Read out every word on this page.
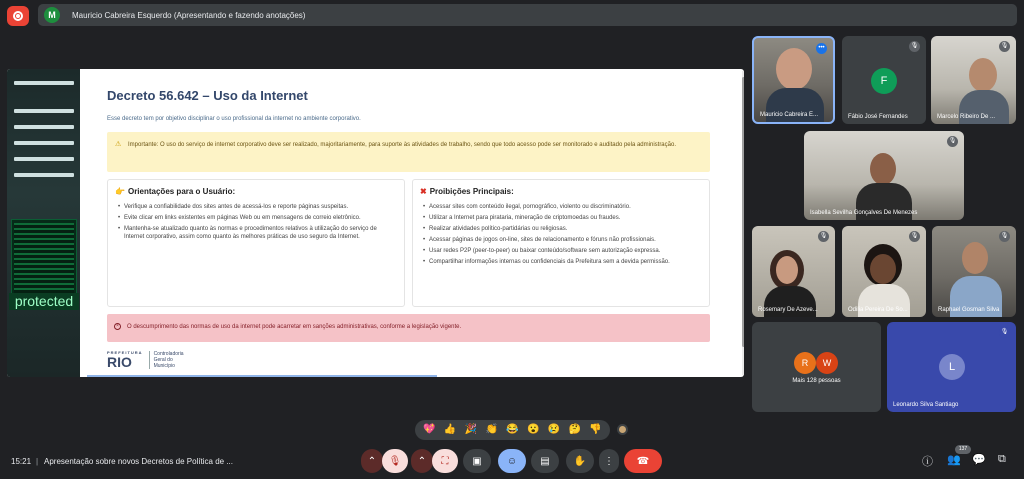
M	Mauricio Cabreira Esquerdo (Apresentando e fazendo anotações)
protected
Decreto 56.642 – Uso da Internet
Esse decreto tem por objetivo disciplinar o uso profissional da internet no ambiente corporativo.
⚠ Importante: O uso do serviço de internet corporativo deve ser realizado, majoritariamente, para suporte às atividades de trabalho, sendo que todo acesso pode ser monitorado e auditado pela administração.
👉 Orientações para o Usuário:
• Verifique a confiabilidade dos sites antes de acessá-los e reporte páginas suspeitas.
• Evite clicar em links existentes em páginas Web ou em mensagens de correio eletrônico.
• Mantenha-se atualizado quanto às normas e procedimentos relativos à utilização do serviço de Internet corporativo, assim como quanto às melhores práticas de uso seguro da Internet.
✖ Proibições Principais:
• Acessar sites com conteúdo ilegal, pornográfico, violento ou discriminatório.
• Utilizar a Internet para pirataria, mineração de criptomoedas ou fraudes.
• Realizar atividades político-partidárias ou religiosas.
• Acessar páginas de jogos on-line, sites de relacionamento e fóruns não profissionais.
• Usar redes P2P (peer-to-peer) ou baixar conteúdo/software sem autorização expressa.
• Compartilhar informações internas ou confidenciais da Prefeitura sem a devida permissão.
×	O descumprimento das normas de uso da internet pode acarretar em sanções administrativas, conforme a legislação vigente.
PREFEITURA
RIO	Controladoria Geral do Município
•••
Mauricio Cabreira E...
F
🎙
Fábio José Fernandes
🎙
Marcelo Ribeiro De ...
🎙
Isabella Sevilha Gonçalves De Menezes
🎙
Rosemary De Azeve...
🎙
Odilia Pereira De So...
🎙
Raphael Gosman Silva
R	W
Mais 128 pessoas
L
🎙
Leonardo Silva Santiago
💖 👍 🎉 👏 😂 😮 😢 🤔 👎
15:21 | Apresentação sobre novos Decretos de Política de ...	⌃ 🎙 ⌃ ⛶ ▣	☺ ▤ ✋ ⋮ ☎	ⓘ 👥
137
💬 ⧉
